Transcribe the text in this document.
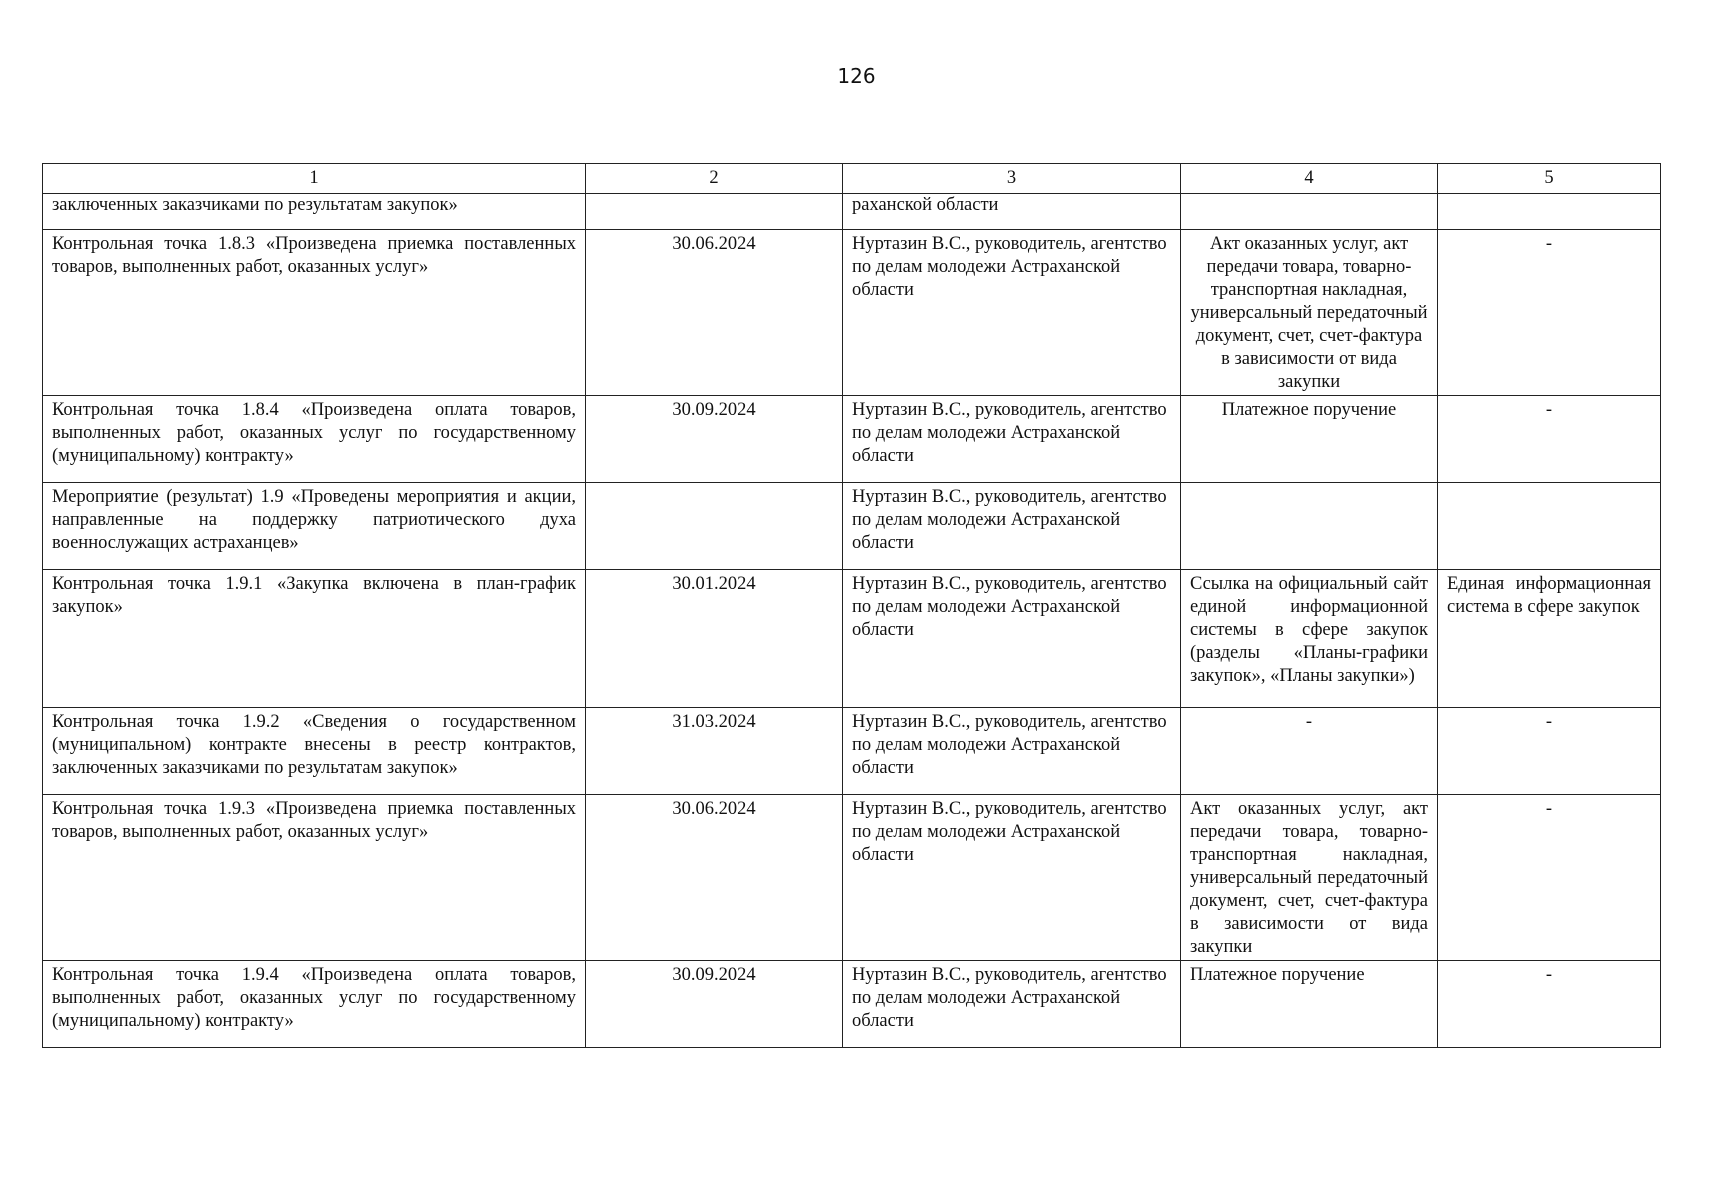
126
1	2	3	4	5
заключенных заказчиками по результатам закупок»		раханской области		
Контрольная точка 1.8.3 «Произведена приемка поставленных товаров, выполненных работ, оказанных услуг»	30.06.2024	Нуртазин В.С., руководитель, агентство по делам молодежи Астраханской области	Акт оказанных услуг, акт передачи товара, товарно-транспортная накладная, универсальный передаточный документ, счет, счет-фактура в зависимости от вида закупки	-
Контрольная точка 1.8.4 «Произведена оплата товаров, выполненных работ, оказанных услуг по государственному (муниципальному) контракту»	30.09.2024	Нуртазин В.С., руководитель, агентство по делам молодежи Астраханской области	Платежное поручение	-
Мероприятие (результат) 1.9 «Проведены мероприятия и акции, направленные на поддержку патриотического духа военнослужащих астраханцев»		Нуртазин В.С., руководитель, агентство по делам молодежи Астраханской области		
Контрольная точка 1.9.1 «Закупка включена в план-график закупок»	30.01.2024	Нуртазин В.С., руководитель, агентство по делам молодежи Астраханской области	Ссылка на официальный сайт единой информационной системы в сфере закупок (разделы «Планы-графики закупок», «Планы закупки»)	Единая информационная система в сфере закупок
Контрольная точка 1.9.2 «Сведения о государственном (муниципальном) контракте внесены в реестр контрактов, заключенных заказчиками по результатам закупок»	31.03.2024	Нуртазин В.С., руководитель, агентство по делам молодежи Астраханской области	-	-
Контрольная точка 1.9.3 «Произведена приемка поставленных товаров, выполненных работ, оказанных услуг»	30.06.2024	Нуртазин В.С., руководитель, агентство по делам молодежи Астраханской области	Акт оказанных услуг, акт передачи товара, товарно-транспортная накладная, универсальный передаточный документ, счет, счет-фактура в зависимости от вида закупки	-
Контрольная точка 1.9.4 «Произведена оплата товаров, выполненных работ, оказанных услуг по государственному (муниципальному) контракту»	30.09.2024	Нуртазин В.С., руководитель, агентство по делам молодежи Астраханской области	Платежное поручение	-
